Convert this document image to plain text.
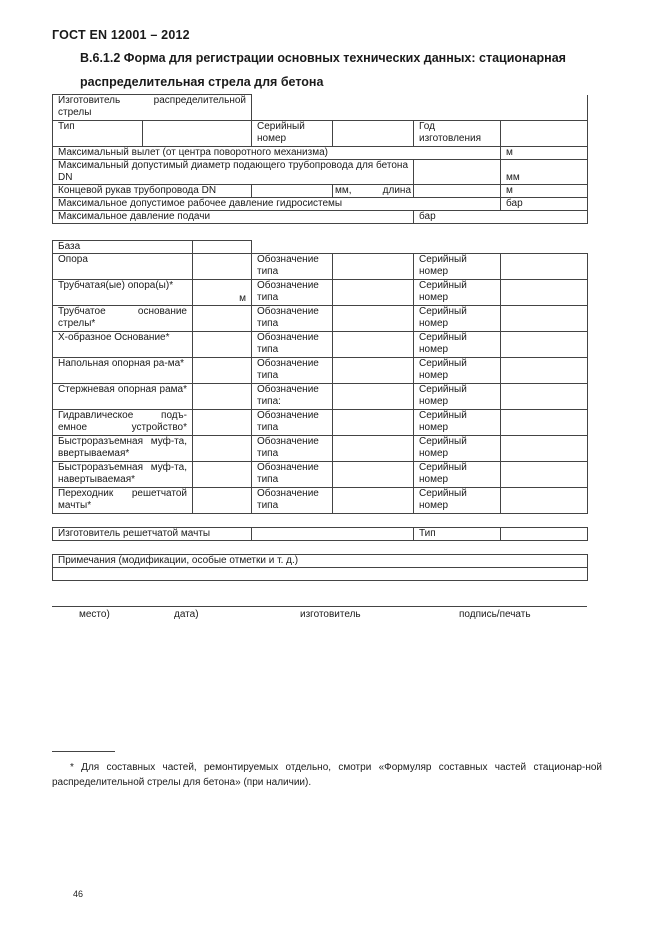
ГОСТ EN 12001 – 2012
В.6.1.2 Форма для регистрации основных технических данных: стационарная распределительная стрела для бетона
Изготовитель распределительной стрелы					
Тип		Серийный номер		Год изготовления	
Максимальный вылет (от центра поворотного механизма)					м
Максимальный допустимый диаметр подающего трубопровода для бетона DN					мм
Концевой рукав трубопровода DN			мм, длина		м
Максимальное допустимое рабочее давление гидросистемы					бар
Максимальное давление подачи				бар	
База					
Опора		Обозначение типа		Серийный номер	
Трубчатая(ые) опора(ы)*	м	Обозначение типа		Серийный номер	
Трубчатое основание стрелы*		Обозначение типа		Серийный номер	
Х-образное Основание*		Обозначение типа		Серийный номер	
Напольная опорная ра-ма*		Обозначение типа		Серийный номер	
Стержневая опорная рама*		Обозначение типа:		Серийный номер	
Гидравлическое подъ-емное устройство*		Обозначение типа		Серийный номер	
Быстроразъемная муф-та, ввертываемая*		Обозначение типа		Серийный номер	
Быстроразъемная муф-та, навертываемая*		Обозначение типа		Серийный номер	
Переходник решетчатой мачты*		Обозначение типа		Серийный номер	
Изготовитель решетчатой мачты		Тип	
Примечания (модификации, особые отметки и т. д.)

место)	дата)	изготовитель	подпись/печать
* Для составных частей, ремонтируемых отдельно, смотри «Формуляр составных частей стационар-ной распределительной стрелы для бетона» (при наличии).
46
